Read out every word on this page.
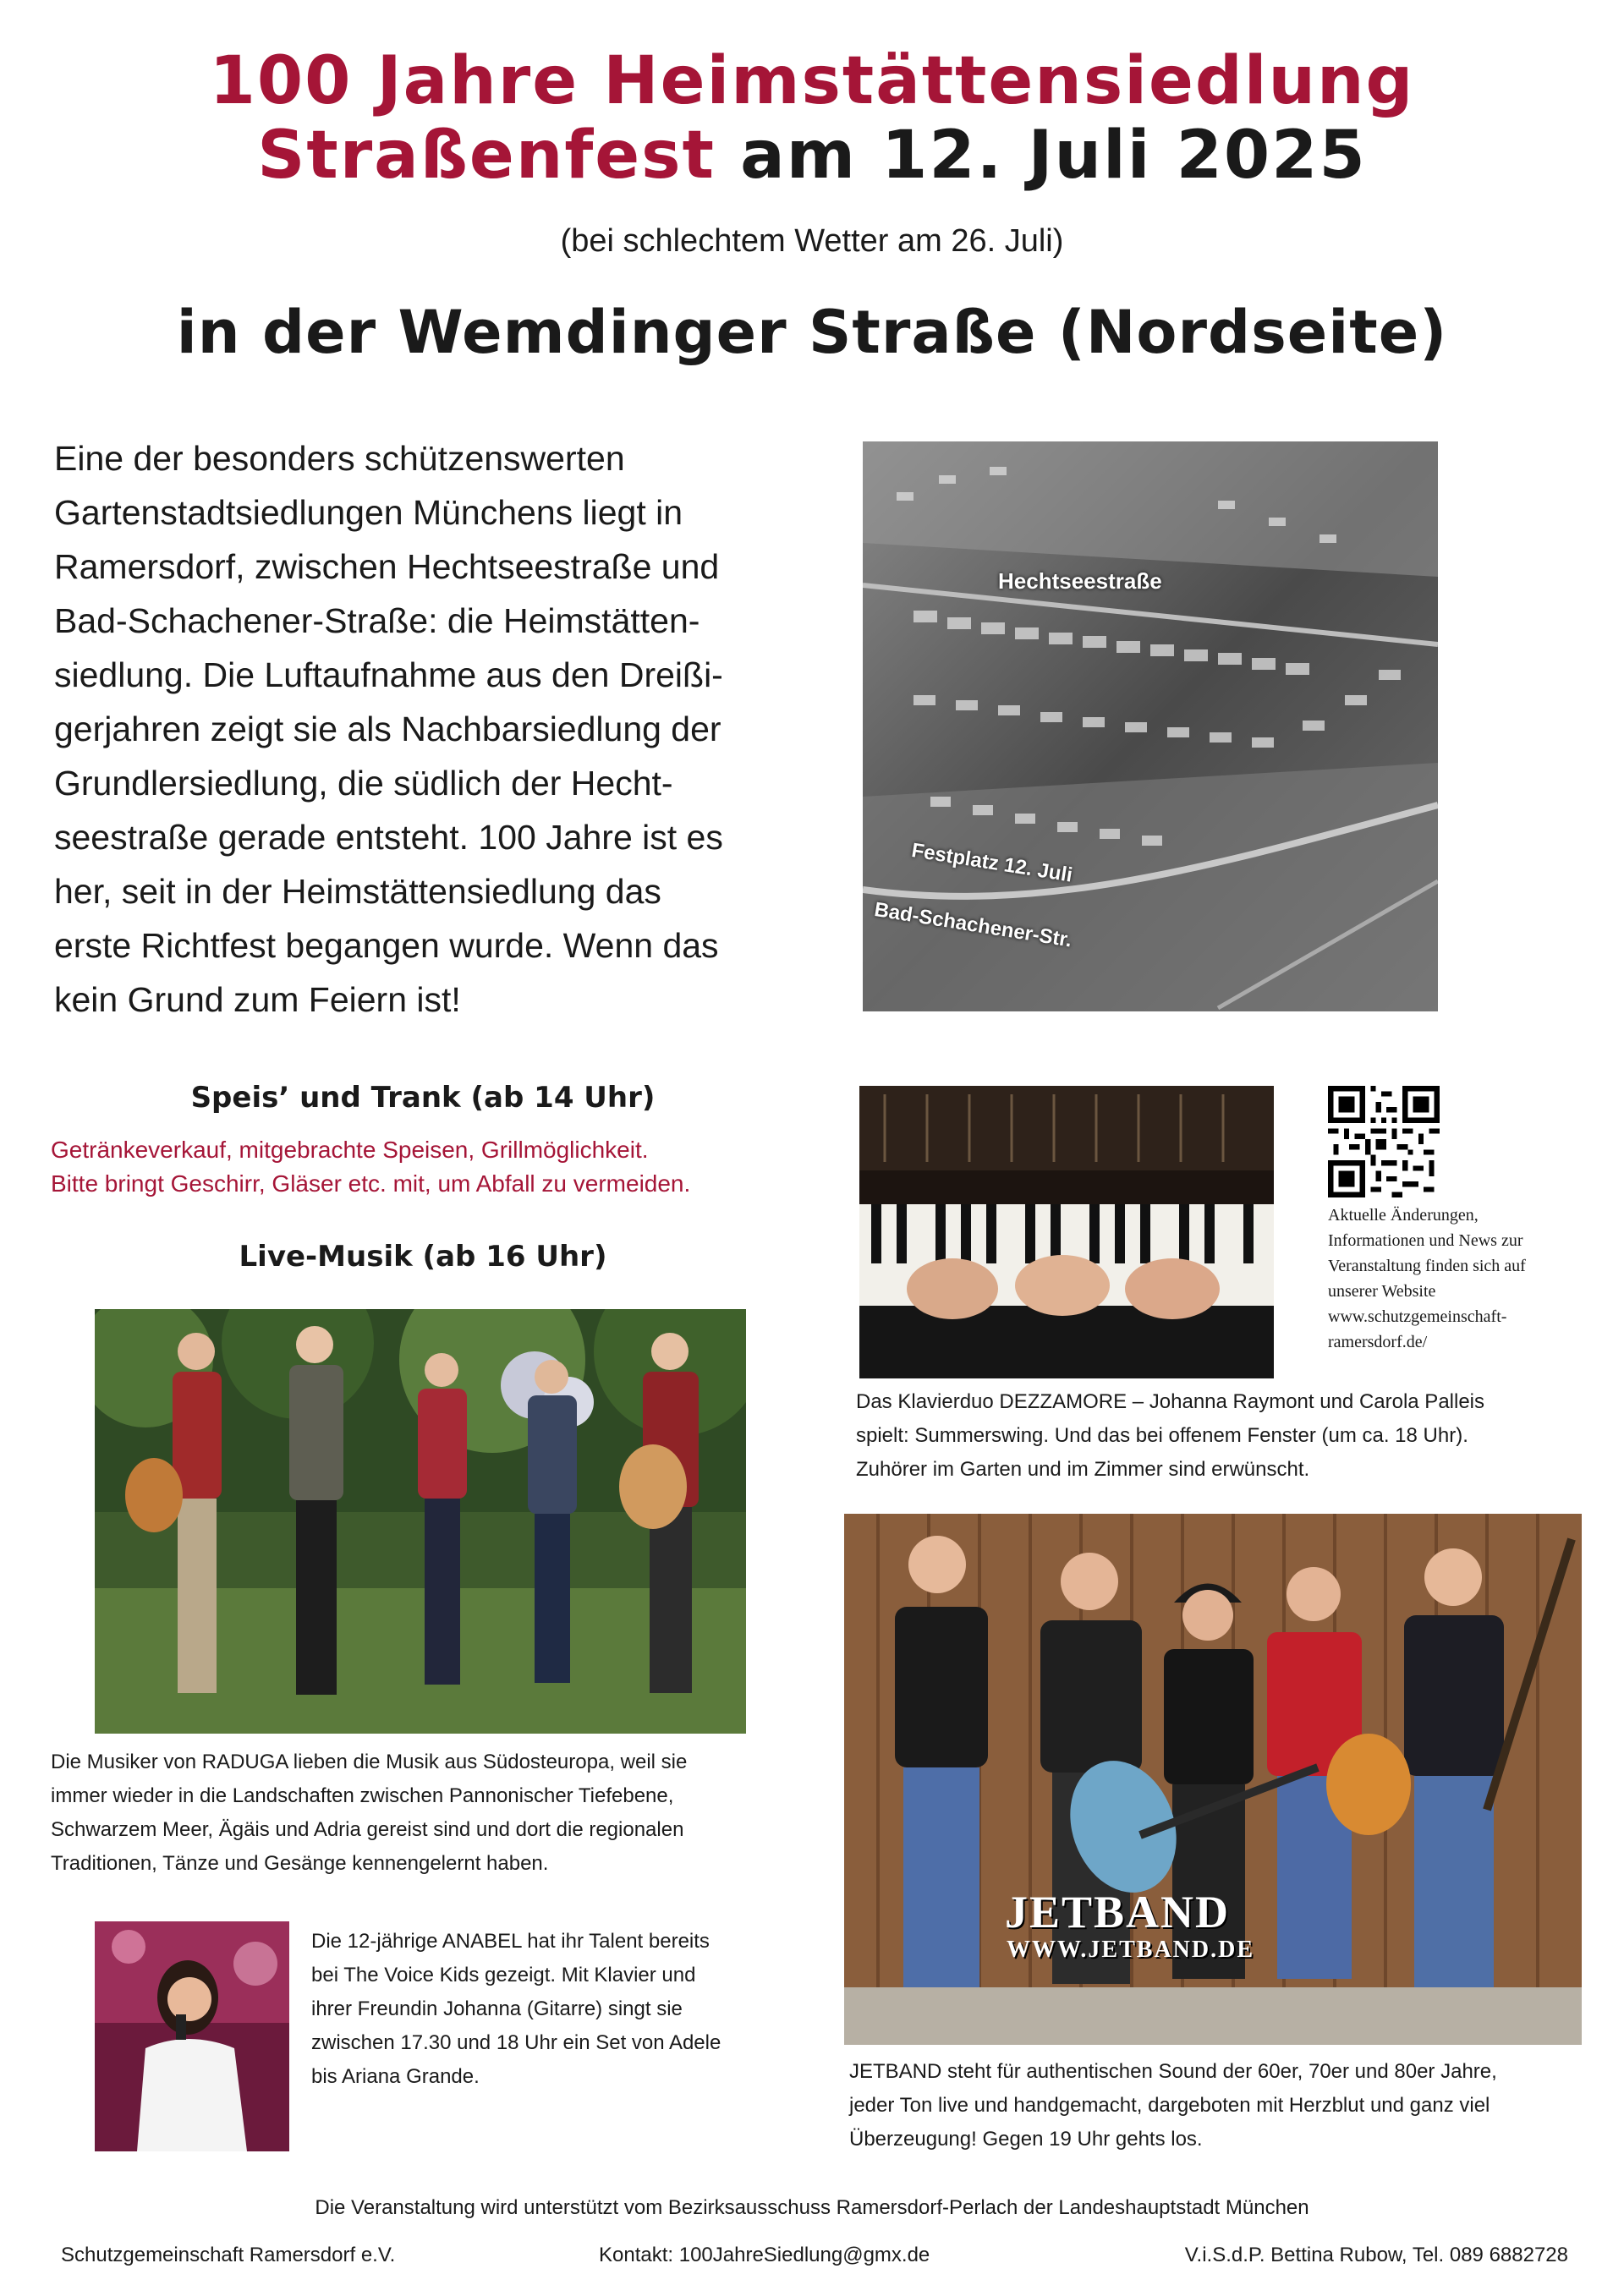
100 Jahre Heimstättensiedlung
Straßenfest am 12. Juli 2025
(bei schlechtem Wetter am 26. Juli)
in der Wemdinger Straße (Nordseite)
Eine der besonders schützenswerten
Gartenstadtsiedlungen Münchens liegt in
Ramersdorf, zwischen Hechtseestraße und
Bad-Schachener-Straße: die Heimstätten-
siedlung. Die Luftaufnahme aus den Dreißi-
gerjahren zeigt sie als Nachbarsiedlung der
Grundlersiedlung, die südlich der Hecht-
seestraße gerade entsteht. 100 Jahre ist es
her, seit in der Heimstättensiedlung das
erste Richtfest begangen wurde. Wenn das
kein Grund zum Feiern ist!
Hechtseestraße
Festplatz 12. Juli
Bad-Schachener-Str.
Speis’ und Trank (ab 14 Uhr)
Getränkeverkauf, mitgebrachte Speisen, Grillmöglichkeit.
Bitte bringt Geschirr, Gläser etc. mit, um Abfall zu vermeiden.
Live-Musik (ab 16 Uhr)
Die Musiker von RADUGA lieben die Musik aus Südosteuropa, weil sie
immer wieder in die Landschaften zwischen Pannonischer Tiefebene,
Schwarzem Meer, Ägäis und Adria gereist sind und dort die regionalen
Traditionen, Tänze und Gesänge kennengelernt haben.
Die 12-jährige ANABEL hat ihr Talent bereits
bei The Voice Kids gezeigt. Mit Klavier und
ihrer Freundin Johanna (Gitarre) singt sie
zwischen 17.30 und 18 Uhr ein Set von Adele
bis Ariana Grande.
Aktuelle Änderungen,
Informationen und News zur
Veranstaltung finden sich auf
unserer Website
www.schutzgemeinschaft-
ramersdorf.de/
Das Klavierduo DEZZAMORE – Johanna Raymont und Carola Palleis
spielt: Summerswing. Und das bei offenem Fenster (um ca. 18 Uhr).
Zuhörer im Garten und im Zimmer sind erwünscht.
JETBAND
WWW.JETBAND.DE
JETBAND steht für authentischen Sound der 60er, 70er und 80er Jahre,
jeder Ton live und handgemacht, dargeboten mit Herzblut und ganz viel
Überzeugung! Gegen 19 Uhr gehts los.
Die Veranstaltung wird unterstützt vom Bezirksausschuss Ramersdorf-Perlach der Landeshauptstadt München
Schutzgemeinschaft Ramersdorf e.V.	Kontakt: 100JahreSiedlung@gmx.de	V.i.S.d.P. Bettina Rubow, Tel. 089 6882728
